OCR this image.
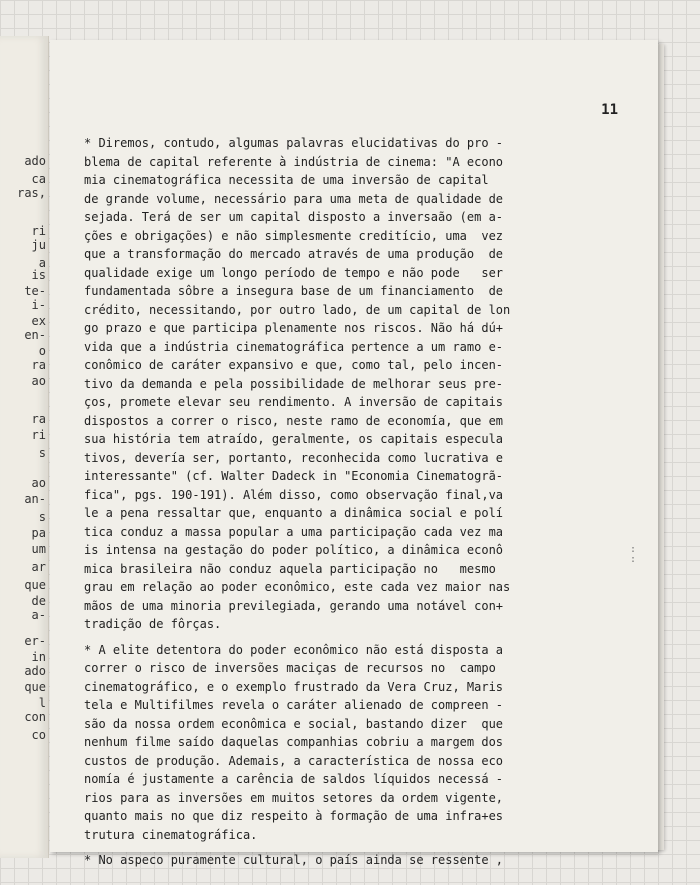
ado
ca
ras,
ri
ju
a
is
te-
i-
ex
en-
o
ra
ao
ra
ri
s
ao
an-
s
pa
um
ar
que
de
a-
er-
in
ado
que
l
con
co
11
* Diremos, contudo, algumas palavras elucidativas do pro -
blema de capital referente à indústria de cinema: "A econo
mia cinematográfica necessita de uma inversão de capital
de grande volume, necessário para uma meta de qualidade de
sejada. Terá de ser um capital disposto a inversaão (em a-
ções e obrigações) e não simplesmente creditício, uma  vez
que a transformação do mercado através de uma produção  de
qualidade exige um longo período de tempo e não pode   ser
fundamentada sôbre a insegura base de um financiamento  de
crédito, necessitando, por outro lado, de um capital de lon
go prazo e que participa plenamente nos riscos. Não há dú+
vida que a indústria cinematográfica pertence a um ramo e-
conômico de caráter expansivo e que, como tal, pelo incen-
tivo da demanda e pela possibilidade de melhorar seus pre-
ços, promete elevar seu rendimento. A inversão de capitais
dispostos a correr o risco, neste ramo de economía, que em
sua história tem atraído, geralmente, os capitais especula
tivos, devería ser, portanto, reconhecida como lucrativa e
interessante" (cf. Walter Dadeck in "Economia Cinematogrã-
fica", pgs. 190-191). Além disso, como observação final,va
le a pena ressaltar que, enquanto a dinâmica social e polí
tica conduz a massa popular a uma participação cada vez ma
is intensa na gestação do poder político, a dinâmica econô
mica brasileira não conduz aquela participação no   mesmo
grau em relação ao poder econômico, este cada vez maior nas
mãos de uma minoria previlegiada, gerando uma notável con+
tradição de fôrças.
* A elite detentora do poder econômico não está disposta a
correr o risco de inversões maciças de recursos no  campo
cinematográfico, e o exemplo frustrado da Vera Cruz, Maris
tela e Multifilmes revela o caráter alienado de compreen -
são da nossa ordem econômica e social, bastando dizer  que
nenhum filme saído daquelas companhias cobriu a margem dos
custos de produção. Ademais, a característica de nossa eco
nomía é justamente a carência de saldos líquidos necessá -
rios para as inversões em muitos setores da ordem vigente,
quanto mais no que diz respeito à formação de uma infra+es
trutura cinematográfica.
* No aspeco puramente cultural, o país ainda se ressente ,
:
:
